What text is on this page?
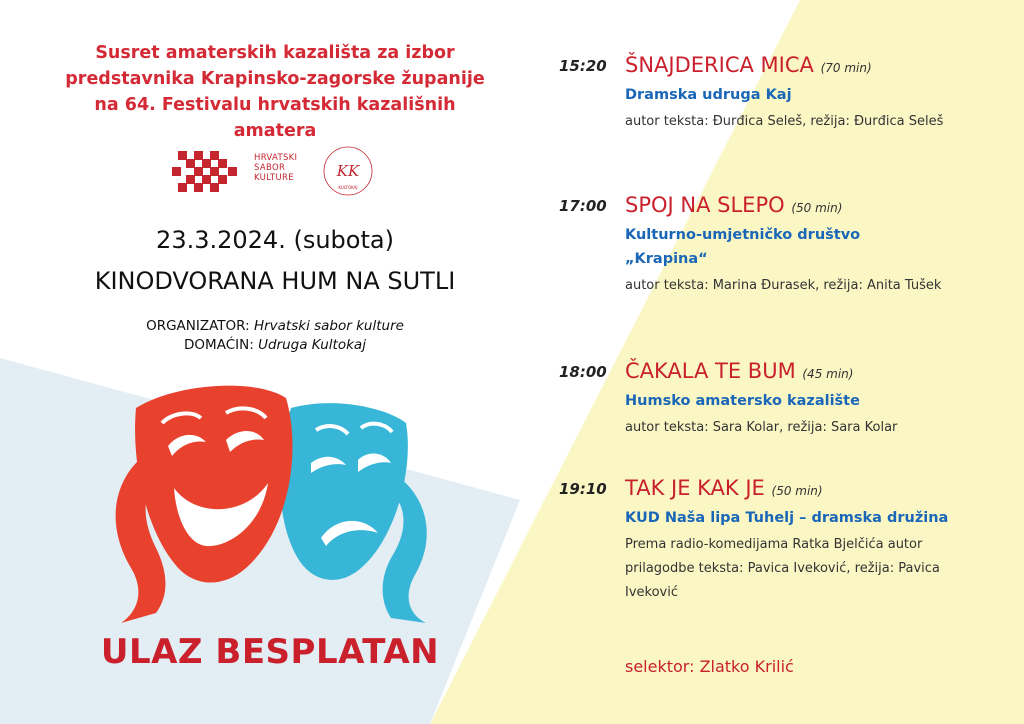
Susret amaterskih kazališta za izbor predstavnika Krapinsko-zagorske županije na 64. Festivalu hrvatskih kazališnih amatera
HRVATSKI
SABOR
KULTURE	KK
KULTOKAJ
23.3.2024. (subota)
KINODVORANA HUM NA SUTLI
ORGANIZATOR: Hrvatski sabor kulture
DOMAĆIN: Udruga Kultokaj
ULAZ BESPLATAN
15:20 ŠNAJDERICA MICA (70 min)
Dramska udruga Kaj
autor teksta: Đurđica Seleš, režija: Đurđica Seleš
17:00 SPOJ NA SLEPO (50 min)
Kulturno-umjetničko društvo „Krapina“
autor teksta: Marina Đurasek, režija: Anita Tušek
18:00 ČAKALA TE BUM (45 min)
Humsko amatersko kazalište
autor teksta: Sara Kolar, režija: Sara Kolar
19:10 TAK JE KAK JE (50 min)
KUD Naša lipa Tuhelj – dramska družina
Prema radio-komedijama Ratka Bjelčića autor prilagodbe teksta: Pavica Iveković, režija: Pavica Iveković
selektor: Zlatko Krilić
